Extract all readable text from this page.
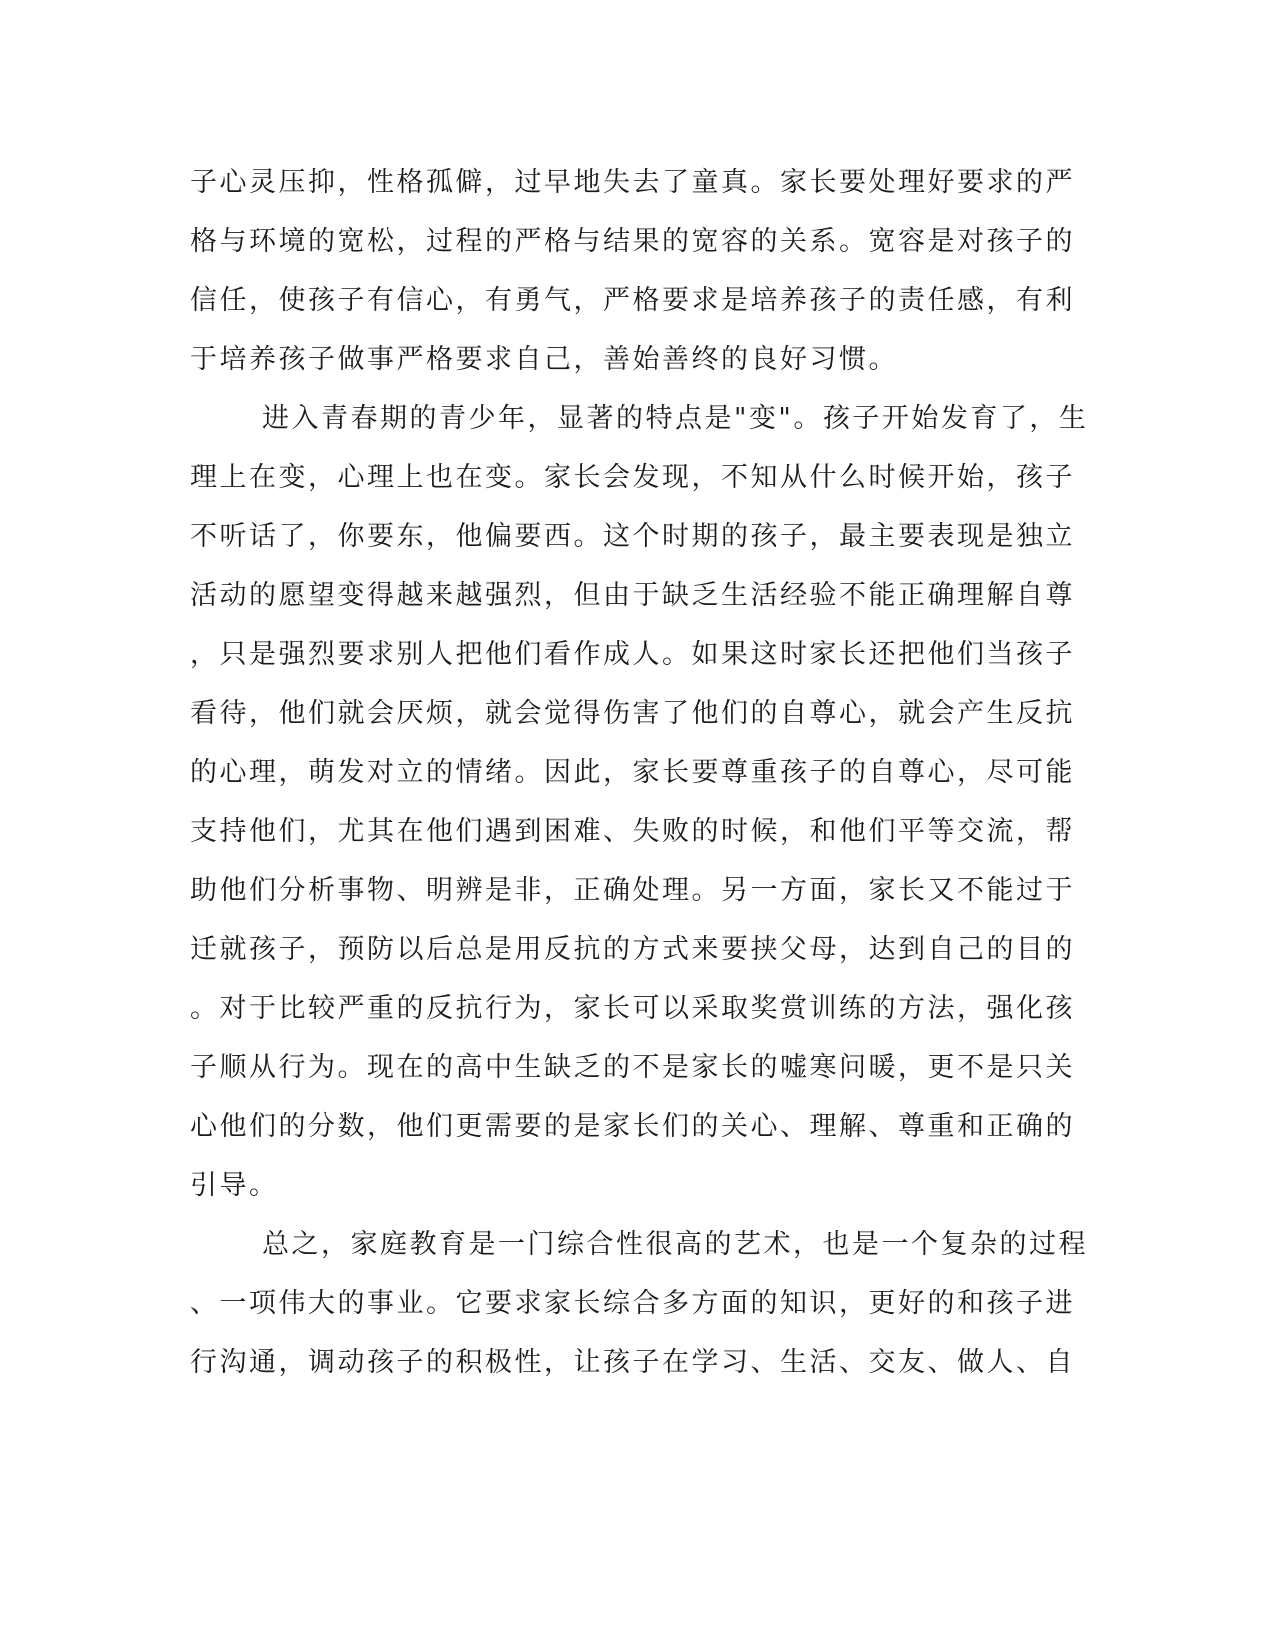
子心灵压抑，性格孤僻，过早地失去了童真。家长要处理好要求的严
格与环境的宽松，过程的严格与结果的宽容的关系。宽容是对孩子的
信任，使孩子有信心，有勇气，严格要求是培养孩子的责任感，有利
于培养孩子做事严格要求自己，善始善终的良好习惯。
进入青春期的青少年，显著的特点是"变"。孩子开始发育了，生
理上在变，心理上也在变。家长会发现，不知从什么时候开始，孩子
不听话了，你要东，他偏要西。这个时期的孩子，最主要表现是独立
活动的愿望变得越来越强烈，但由于缺乏生活经验不能正确理解自尊
，只是强烈要求别人把他们看作成人。如果这时家长还把他们当孩子
看待，他们就会厌烦，就会觉得伤害了他们的自尊心，就会产生反抗
的心理，萌发对立的情绪。因此，家长要尊重孩子的自尊心，尽可能
支持他们，尤其在他们遇到困难、失败的时候，和他们平等交流，帮
助他们分析事物、明辨是非，正确处理。另一方面，家长又不能过于
迁就孩子，预防以后总是用反抗的方式来要挟父母，达到自己的目的
。对于比较严重的反抗行为，家长可以采取奖赏训练的方法，强化孩
子顺从行为。现在的高中生缺乏的不是家长的嘘寒问暖，更不是只关
心他们的分数，他们更需要的是家长们的关心、理解、尊重和正确的
引导。
总之，家庭教育是一门综合性很高的艺术，也是一个复杂的过程
、一项伟大的事业。它要求家长综合多方面的知识，更好的和孩子进
行沟通，调动孩子的积极性，让孩子在学习、生活、交友、做人、自
